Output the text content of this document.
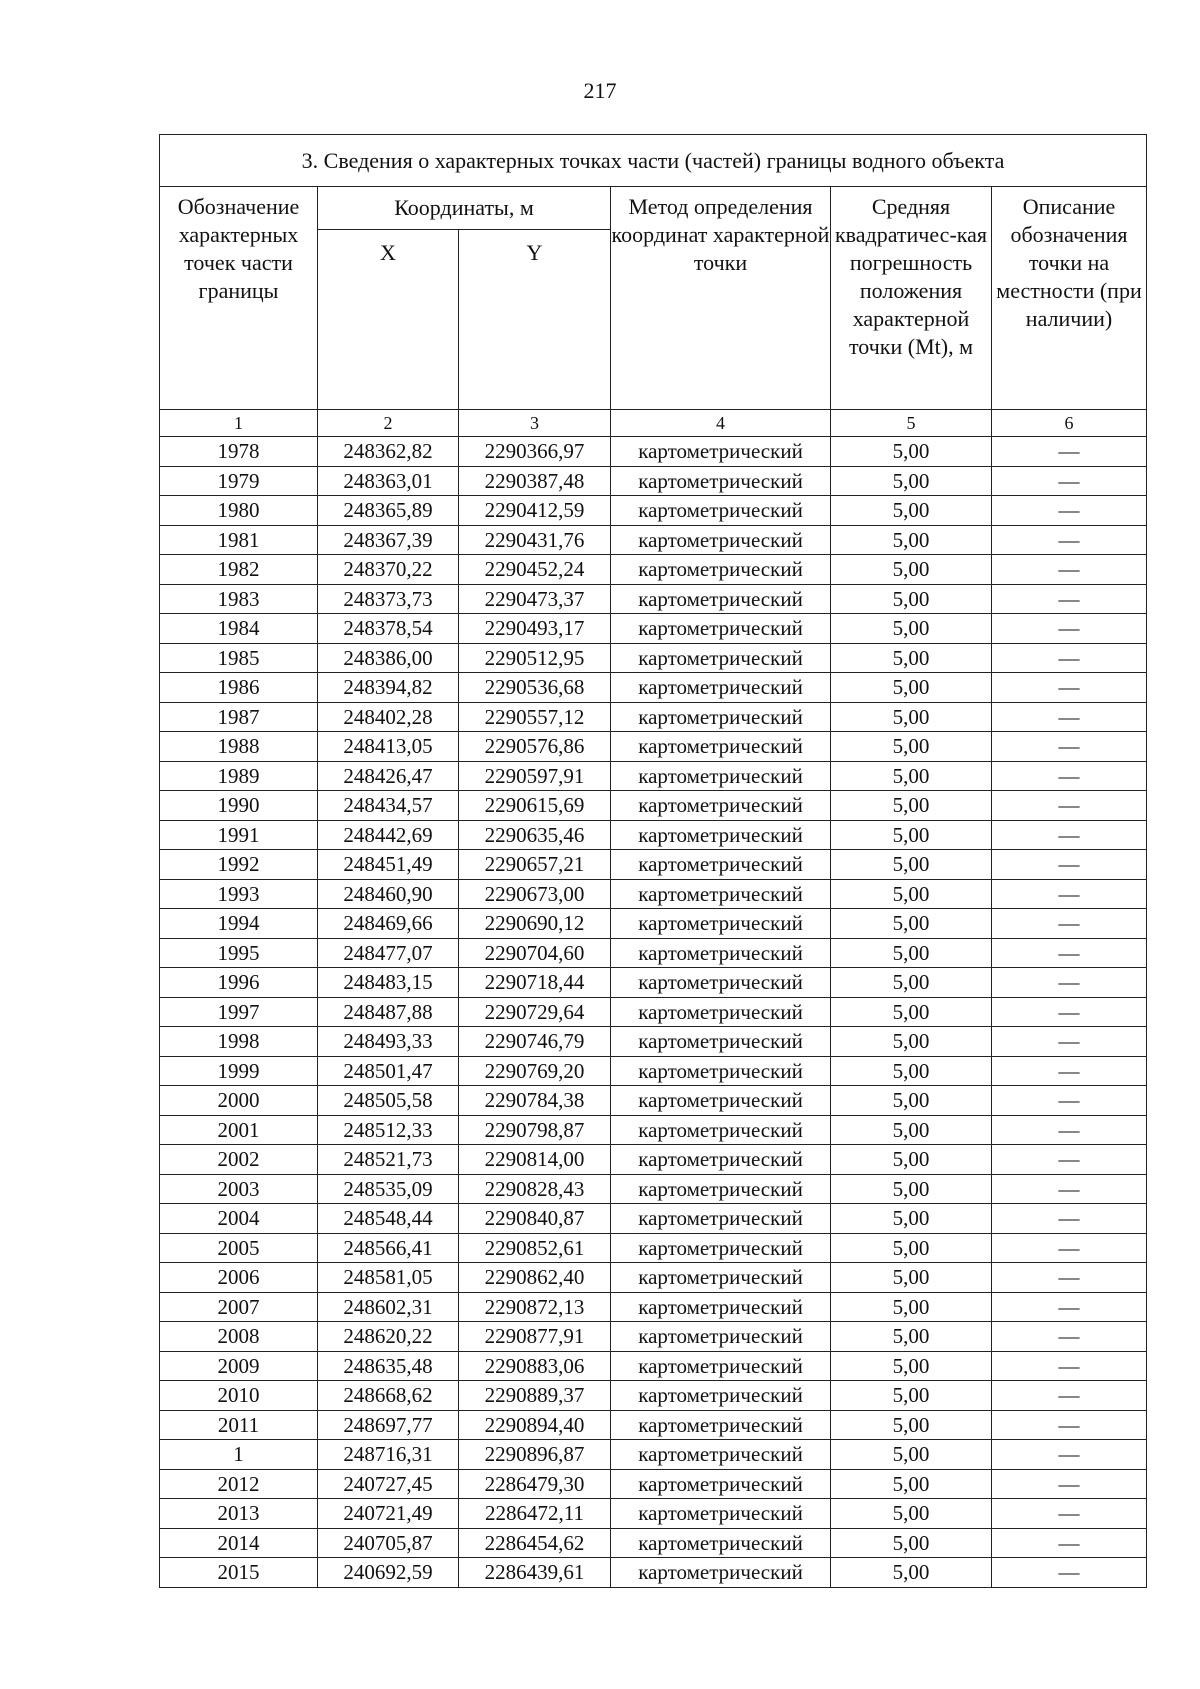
217
3. Сведения о характерных точках части (частей) границы водного объекта					
Обозначение характерных точек части границы	Координаты, м		Метод определения координат характерной точки	Средняя квадратичес-кая погрешность положения характерной точки (Mt), м	Описание обозначения точки на местности (при наличии)
	X	Y			
1	2	3	4	5	6
1978	248362,82	2290366,97	картометрический	5,00	—
1979	248363,01	2290387,48	картометрический	5,00	—
1980	248365,89	2290412,59	картометрический	5,00	—
1981	248367,39	2290431,76	картометрический	5,00	—
1982	248370,22	2290452,24	картометрический	5,00	—
1983	248373,73	2290473,37	картометрический	5,00	—
1984	248378,54	2290493,17	картометрический	5,00	—
1985	248386,00	2290512,95	картометрический	5,00	—
1986	248394,82	2290536,68	картометрический	5,00	—
1987	248402,28	2290557,12	картометрический	5,00	—
1988	248413,05	2290576,86	картометрический	5,00	—
1989	248426,47	2290597,91	картометрический	5,00	—
1990	248434,57	2290615,69	картометрический	5,00	—
1991	248442,69	2290635,46	картометрический	5,00	—
1992	248451,49	2290657,21	картометрический	5,00	—
1993	248460,90	2290673,00	картометрический	5,00	—
1994	248469,66	2290690,12	картометрический	5,00	—
1995	248477,07	2290704,60	картометрический	5,00	—
1996	248483,15	2290718,44	картометрический	5,00	—
1997	248487,88	2290729,64	картометрический	5,00	—
1998	248493,33	2290746,79	картометрический	5,00	—
1999	248501,47	2290769,20	картометрический	5,00	—
2000	248505,58	2290784,38	картометрический	5,00	—
2001	248512,33	2290798,87	картометрический	5,00	—
2002	248521,73	2290814,00	картометрический	5,00	—
2003	248535,09	2290828,43	картометрический	5,00	—
2004	248548,44	2290840,87	картометрический	5,00	—
2005	248566,41	2290852,61	картометрический	5,00	—
2006	248581,05	2290862,40	картометрический	5,00	—
2007	248602,31	2290872,13	картометрический	5,00	—
2008	248620,22	2290877,91	картометрический	5,00	—
2009	248635,48	2290883,06	картометрический	5,00	—
2010	248668,62	2290889,37	картометрический	5,00	—
2011	248697,77	2290894,40	картометрический	5,00	—
1	248716,31	2290896,87	картометрический	5,00	—
2012	240727,45	2286479,30	картометрический	5,00	—
2013	240721,49	2286472,11	картометрический	5,00	—
2014	240705,87	2286454,62	картометрический	5,00	—
2015	240692,59	2286439,61	картометрический	5,00	—
